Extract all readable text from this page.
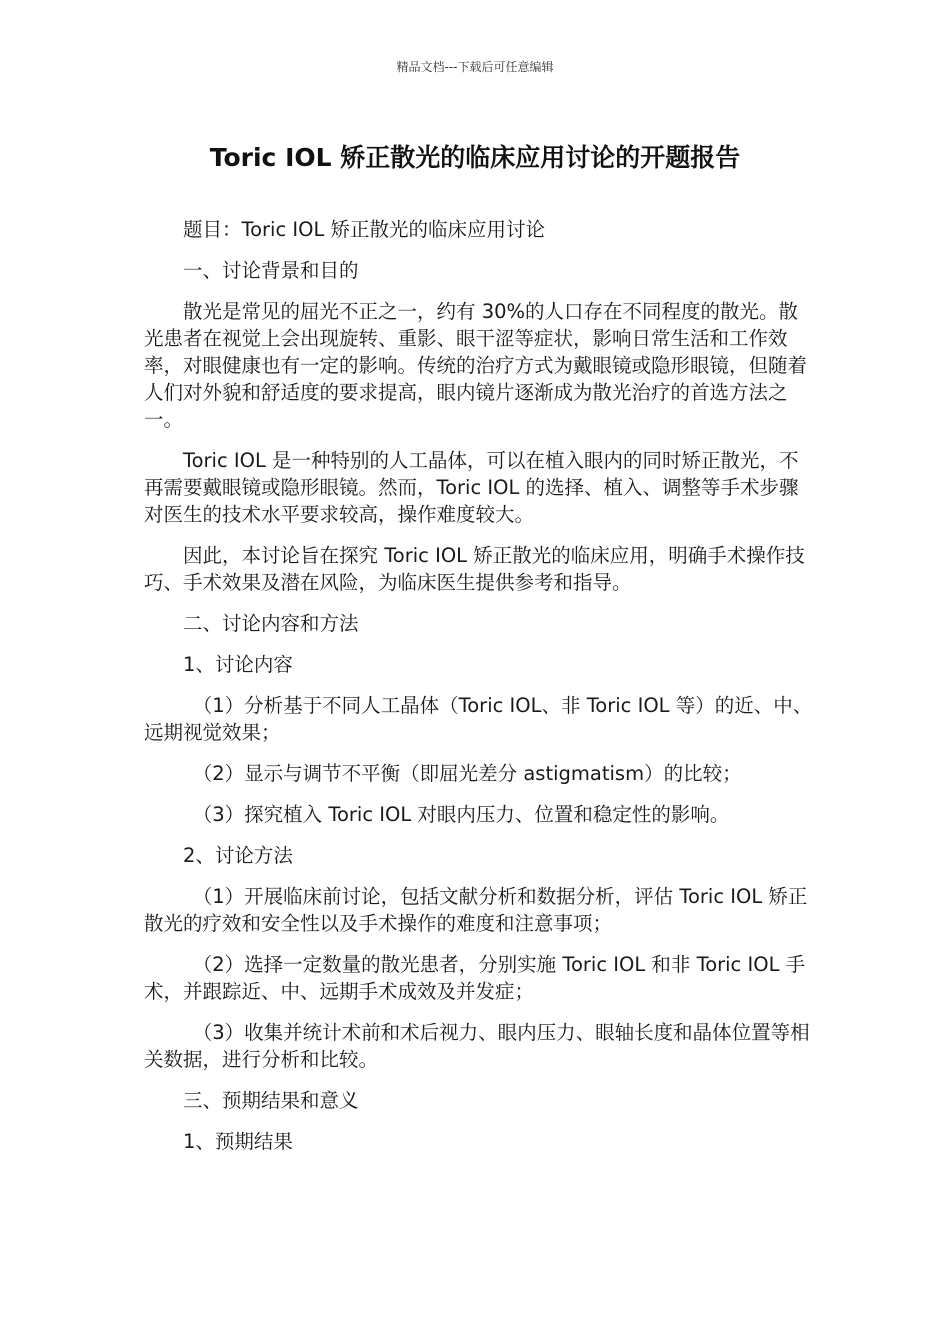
精品文档---下载后可任意编辑
Toric IOL 矫正散光的临床应用讨论的开题报告

题目：Toric IOL 矫正散光的临床应用讨论

一、讨论背景和目的

散光是常见的屈光不正之一，约有 30%的人口存在不同程度的散光。散光患者在视觉上会出现旋转、重影、眼干涩等症状，影响日常生活和工作效率，对眼健康也有一定的影响。传统的治疗方式为戴眼镜或隐形眼镜，但随着人们对外貌和舒适度的要求提高，眼内镜片逐渐成为散光治疗的首选方法之一。

Toric IOL 是一种特别的人工晶体，可以在植入眼内的同时矫正散光，不再需要戴眼镜或隐形眼镜。然而，Toric IOL 的选择、植入、调整等手术步骤对医生的技术水平要求较高，操作难度较大。

因此，本讨论旨在探究 Toric IOL 矫正散光的临床应用，明确手术操作技巧、手术效果及潜在风险，为临床医生提供参考和指导。

二、讨论内容和方法

1、讨论内容

（1）分析基于不同人工晶体（Toric IOL、非 Toric IOL 等）的近、中、远期视觉效果；

（2）显示与调节不平衡（即屈光差分 astigmatism）的比较；

（3）探究植入 Toric IOL 对眼内压力、位置和稳定性的影响。

2、讨论方法

（1）开展临床前讨论，包括文献分析和数据分析，评估 Toric IOL 矫正散光的疗效和安全性以及手术操作的难度和注意事项；

（2）选择一定数量的散光患者，分别实施 Toric IOL 和非 Toric IOL 手术，并跟踪近、中、远期手术成效及并发症；

（3）收集并统计术前和术后视力、眼内压力、眼轴长度和晶体位置等相关数据，进行分析和比较。

三、预期结果和意义

1、预期结果
